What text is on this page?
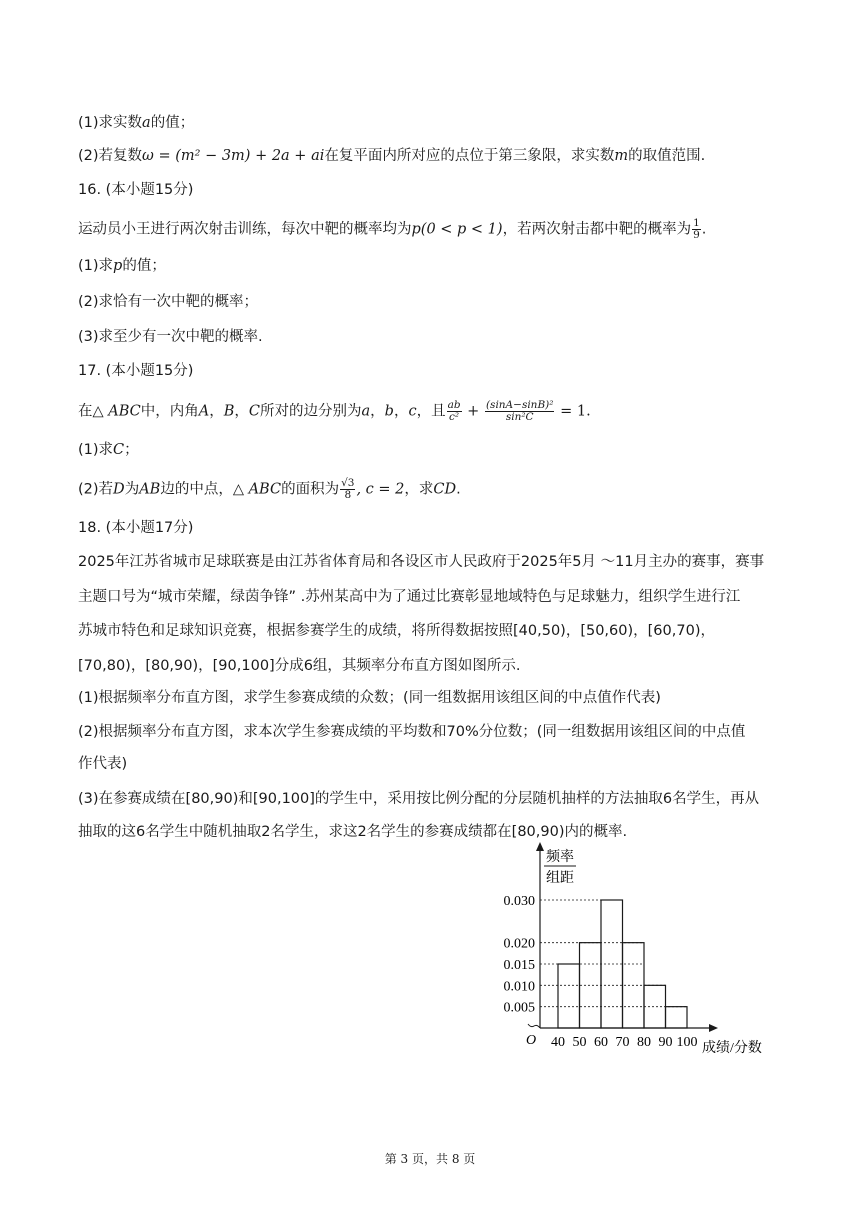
(1)求实数a的值；
(2)若复数ω = (m² − 3m) + 2a + ai在复平面内所对应的点位于第三象限，求实数m的取值范围.
16. (本小题15分)
运动员小王进行两次射击训练，每次中靶的概率均为p(0 < p < 1)，若两次射击都中靶的概率为 $\frac{1}{9}$ .
(1)求p的值；
(2)求恰有一次中靶的概率；
(3)求至少有一次中靶的概率.
17. (本小题15分)
在△ ABC中，内角A，B，C所对的边分别为a，b，c，且 $\frac{ab}{\text{c²}} + \frac{\text{(sinA−sinB)²}}{\text{sin²C}} = 1$.
(1)求C；
(2)若D为AB边的中点，△ ABC的面积为 $\frac{√3}{8}$ , c = 2，求CD.
18. (本小题17分)
2025年江苏省城市足球联赛是由江苏省体育局和各设区市人民政府于2025年5月 ～11月主办的赛事，赛事
主题口号为“城市荣耀，绿茵争锋” .苏州某高中为了通过比赛彰显地域特色与足球魅力，组织学生进行江
苏城市特色和足球知识竞赛，根据参赛学生的成绩，将所得数据按照[40,50)，[50,60)，[60,70)，
[70,80)，[80,90)，[90,100]分成6组，其频率分布直方图如图所示.
(1)根据频率分布直方图，求学生参赛成绩的众数；(同一组数据用该组区间的中点值作代表)
(2)根据频率分布直方图，求本次学生参赛成绩的平均数和70%分位数；(同一组数据用该组区间的中点值
作代表)
(3)在参赛成绩在[80,90)和[90,100]的学生中，采用按比例分配的分层随机抽样的方法抽取6名学生，再从
抽取的这6名学生中随机抽取2名学生，求这2名学生的参赛成绩都在[80,90)内的概率.
频率
组距
O
成绩/分数
0.005
0.010
0.015
0.020
0.030
40 50 60 70 80 90 100
第 3 页，共 8 页
